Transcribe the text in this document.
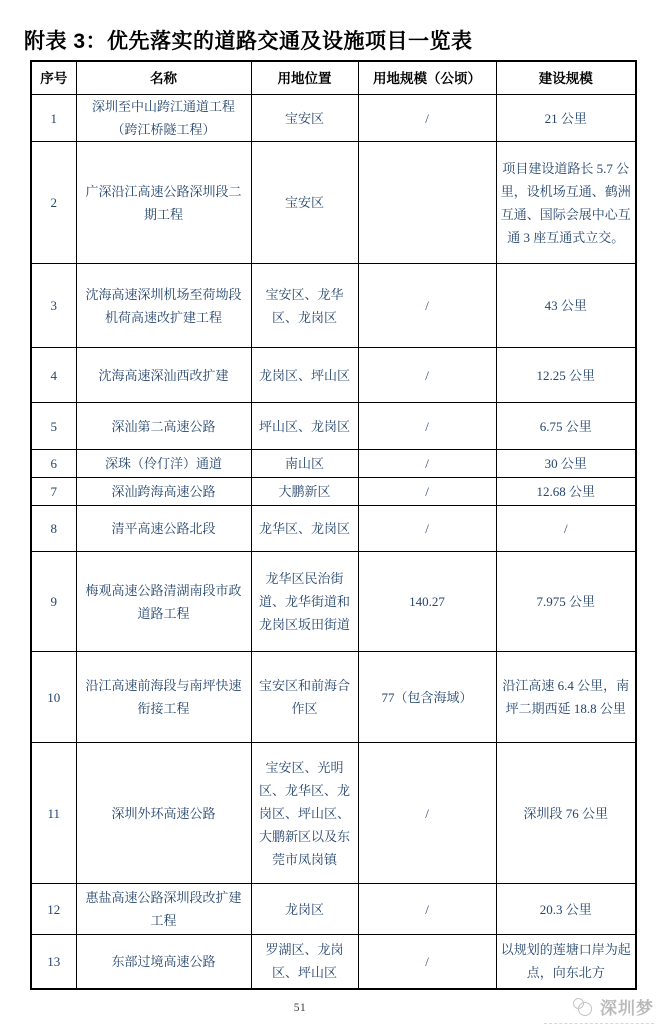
附表 3：优先落实的道路交通及设施项目一览表
序号	名称	用地位置	用地规模（公顷）	建设规模
1	深圳至中山跨江通道工程（跨江桥隧工程）	宝安区	/	21 公里
2	广深沿江高速公路深圳段二期工程	宝安区		项目建设道路长 5.7 公里，设机场互通、鹤洲互通、国际会展中心互通 3 座互通式立交。
3	沈海高速深圳机场至荷坳段机荷高速改扩建工程	宝安区、龙华区、龙岗区	/	43 公里
4	沈海高速深汕西改扩建	龙岗区、坪山区	/	12.25 公里
5	深汕第二高速公路	坪山区、龙岗区	/	6.75 公里
6	深珠（伶仃洋）通道	南山区	/	30 公里
7	深汕跨海高速公路	大鹏新区	/	12.68 公里
8	清平高速公路北段	龙华区、龙岗区	/	/
9	梅观高速公路清湖南段市政道路工程	龙华区民治街道、龙华街道和龙岗区坂田街道	140.27	7.975 公里
10	沿江高速前海段与南坪快速衔接工程	宝安区和前海合作区	77（包含海域）	沿江高速 6.4 公里，南坪二期西延 18.8 公里
11	深圳外环高速公路	宝安区、光明区、龙华区、龙岗区、坪山区、大鹏新区以及东莞市凤岗镇	/	深圳段 76 公里
12	惠盐高速公路深圳段改扩建工程	龙岗区	/	20.3 公里
13	东部过境高速公路	罗湖区、龙岗区、坪山区	/	以规划的莲塘口岸为起点，向东北方
51	深圳梦
